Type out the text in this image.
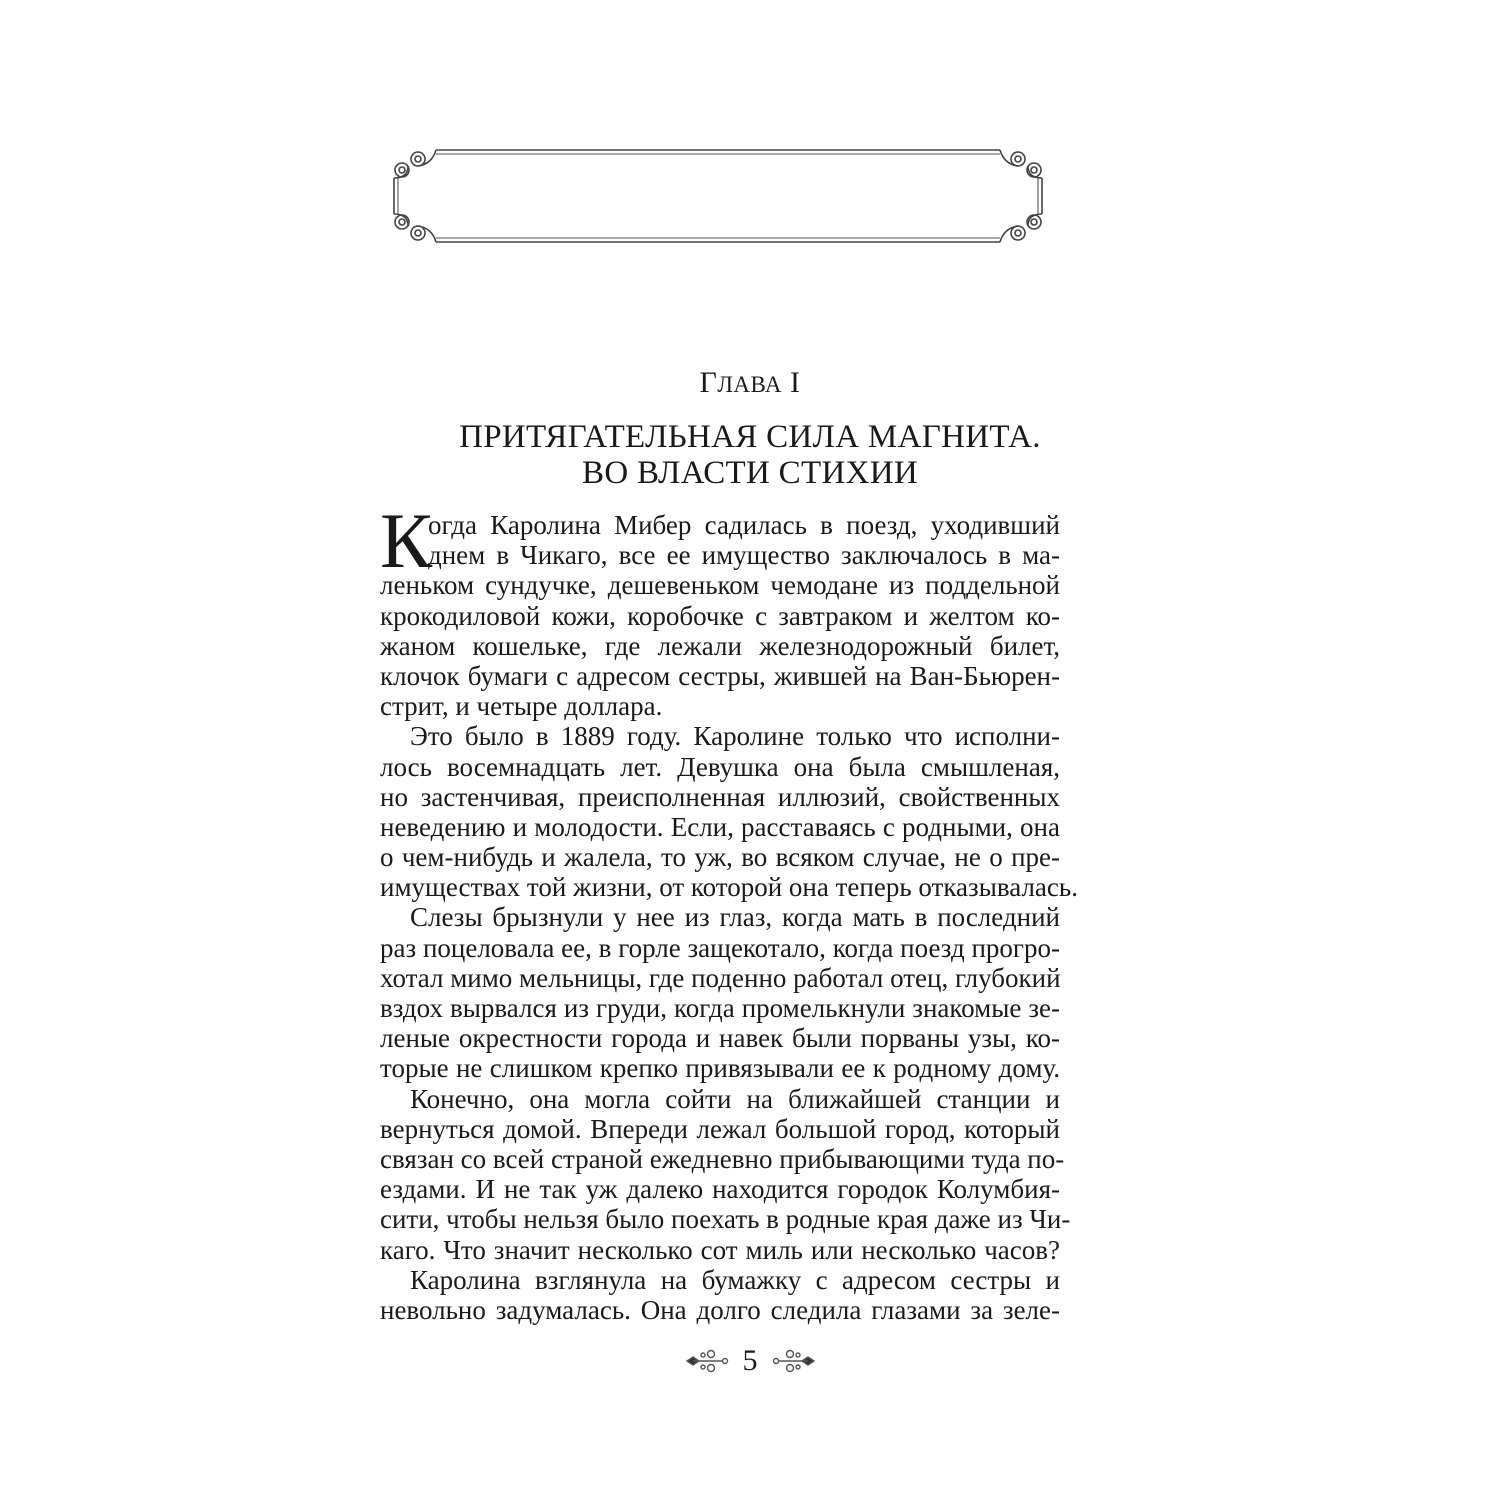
ГЛАВА I
ПРИТЯГАТЕЛЬНАЯ СИЛА МАГНИТА.
ВО ВЛАСТИ СТИХИИ
К
огда Каролина Мибер садилась в поезд, уходивший
днем в Чикаго, все ее имущество заключалось в ма-
леньком сундучке, дешевеньком чемодане из поддельной
крокодиловой кожи, коробочке с завтраком и желтом ко-
жаном кошельке, где лежали железнодорожный билет,
клочок бумаги с адресом сестры, жившей на Ван-Бьюрен-
стрит, и четыре доллара.
Это было в 1889 году. Каролине только что исполни-
лось восемнадцать лет. Девушка она была смышленая,
но застенчивая, преисполненная иллюзий, свойственных
неведению и молодости. Если, расставаясь с родными, она
о чем-нибудь и жалела, то уж, во всяком случае, не о пре-
имуществах той жизни, от которой она теперь отказывалась.
Слезы брызнули у нее из глаз, когда мать в последний
раз поцеловала ее, в горле защекотало, когда поезд прогро-
хотал мимо мельницы, где поденно работал отец, глубокий
вздох вырвался из груди, когда промелькнули знакомые зе-
леные окрестности города и навек были порваны узы, ко-
торые не слишком крепко привязывали ее к родному дому.
Конечно, она могла сойти на ближайшей станции и
вернуться домой. Впереди лежал большой город, который
связан со всей страной ежедневно прибывающими туда по-
ездами. И не так уж далеко находится городок Колумбия-
сити, чтобы нельзя было поехать в родные края даже из Чи-
каго. Что значит несколько сот миль или несколько часов?
Каролина взглянула на бумажку с адресом сестры и
невольно задумалась. Она долго следила глазами за зеле-
5
